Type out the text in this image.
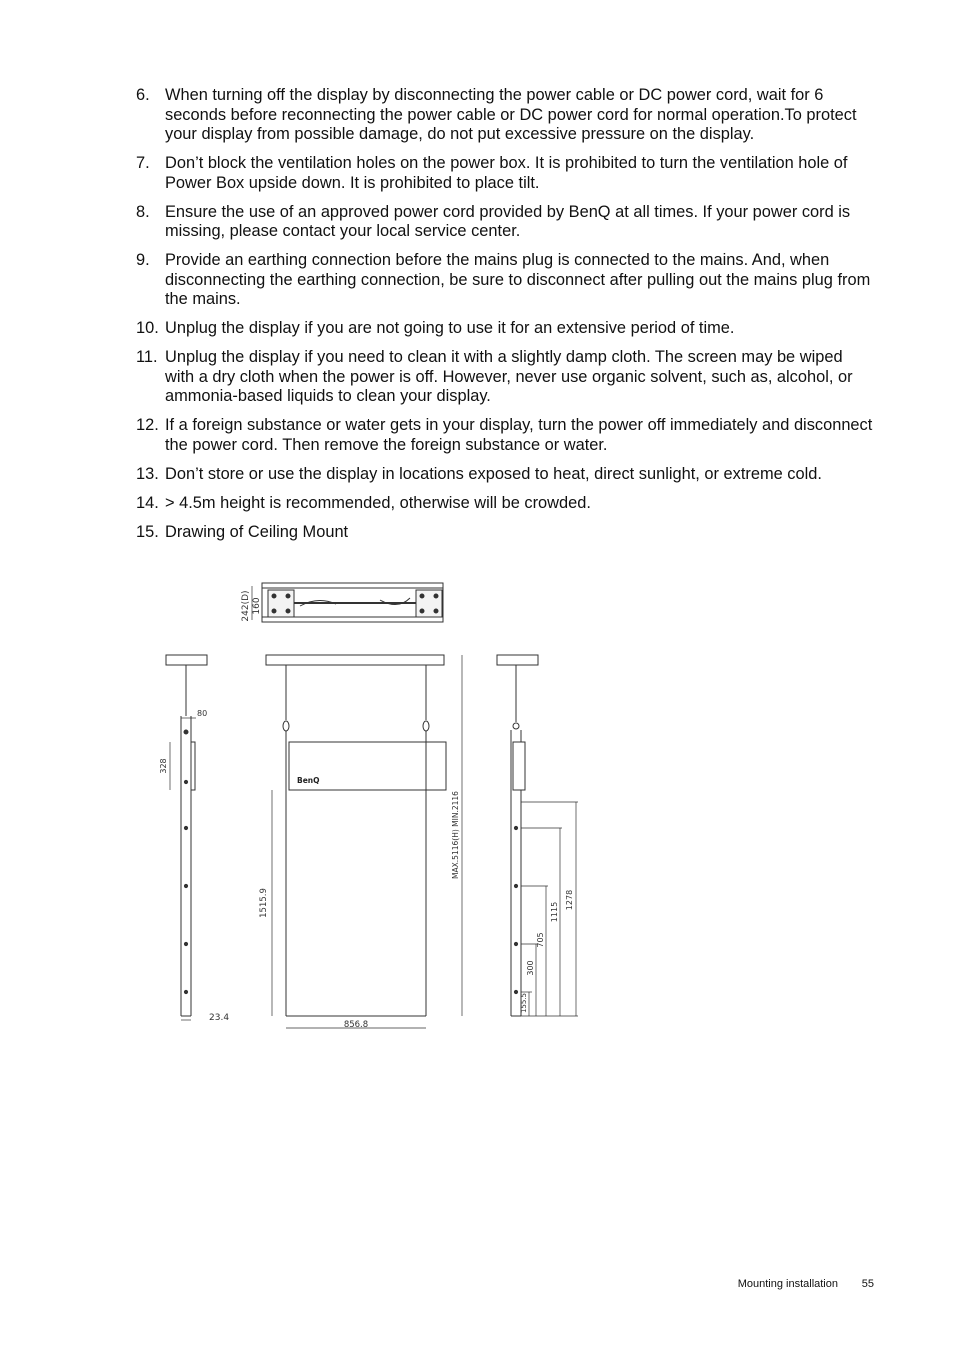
6. When turning off the display by disconnecting the power cable or DC power cord, wait for 6 seconds before reconnecting the power cable or DC power cord for normal operation.To protect your display from possible damage, do not put excessive pressure on the display.
7. Don’t block the ventilation holes on the power box. It is prohibited to turn the ventilation hole of Power Box upside down. It is prohibited to place tilt.
8. Ensure the use of an approved power cord provided by BenQ at all times. If your power cord is missing, please contact your local service center.
9. Provide an earthing connection before the mains plug is connected to the mains. And, when disconnecting the earthing connection, be sure to disconnect after pulling out the mains plug from the mains.
10. Unplug the display if you are not going to use it for an extensive period of time.
11. Unplug the display if you need to clean it with a slightly damp cloth. The screen may be wiped with a dry cloth when the power is off. However, never use organic solvent, such as, alcohol, or ammonia-based liquids to clean your display.
12. If a foreign substance or water gets in your display, turn the power off immediately and disconnect the power cord. Then remove the foreign substance or water.
13. Don’t store or use the display in locations exposed to heat, direct sunlight, or extreme cold.
14. > 4.5m height is recommended, otherwise will be crowded.
15. Drawing of Ceiling Mount
242(D) 160
80
328
23.4
BenQ
1515.9
856.8
MAX.5116(H) MIN.2116
1278
1115
705
300
155.5
Mounting installation 55
